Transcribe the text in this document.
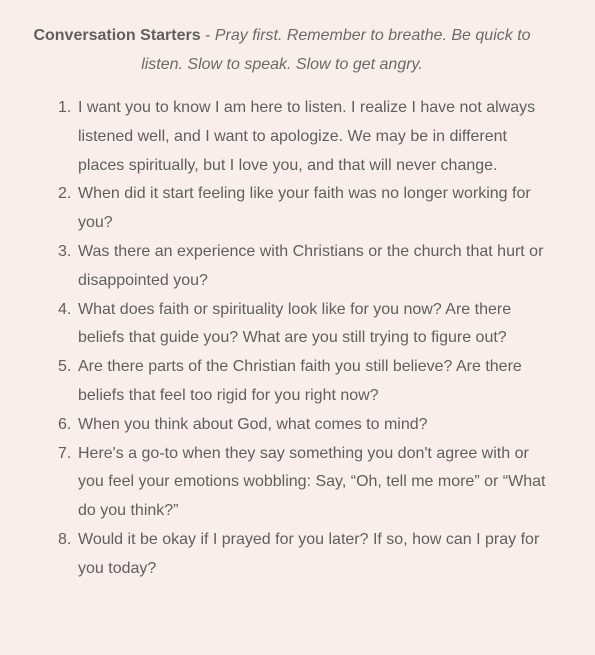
Conversation Starters - Pray first. Remember to breathe. Be quick to listen. Slow to speak. Slow to get angry.

1. I want you to know I am here to listen. I realize I have not always listened well, and I want to apologize. We may be in different places spiritually, but I love you, and that will never change.
2. When did it start feeling like your faith was no longer working for you?
3. Was there an experience with Christians or the church that hurt or disappointed you?
4. What does faith or spirituality look like for you now? Are there beliefs that guide you? What are you still trying to figure out?
5. Are there parts of the Christian faith you still believe? Are there beliefs that feel too rigid for you right now?
6. When you think about God, what comes to mind?
7. Here's a go-to when they say something you don't agree with or you feel your emotions wobbling: Say, “Oh, tell me more” or “What do you think?”
8. Would it be okay if I prayed for you later? If so, how can I pray for you today?
